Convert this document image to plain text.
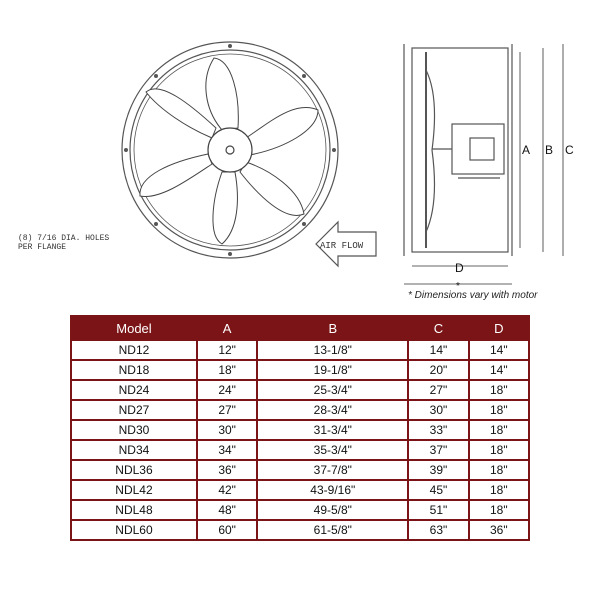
AIR FLOW
A B C
D
*
(8) 7/16 DIA. HOLES
PER FLANGE
* Dimensions vary with motor
Model	A	B	C	D
ND12	12"	13-1/8"	14"	14"
ND18	18"	19-1/8"	20"	14"
ND24	24"	25-3/4"	27"	18"
ND27	27"	28-3/4"	30"	18"
ND30	30"	31-3/4"	33"	18"
ND34	34"	35-3/4"	37"	18"
NDL36	36"	37-7/8"	39"	18"
NDL42	42"	43-9/16"	45"	18"
NDL48	48"	49-5/8"	51"	18"
NDL60	60"	61-5/8"	63"	36"
